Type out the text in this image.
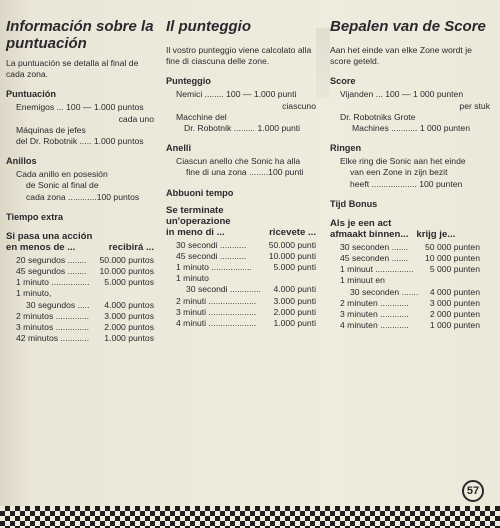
Información sobre la
puntuación

La puntuación se detalla al final de cada zona.

Puntuación

Enemigos ... 100 — 1.000 puntos

cada uno

Máquinas de jefes

del Dr. Robotnik ..... 1.000 puntos

Anillos

Cada anillo en posesión

de Sonic al final de

cada zona ............100 puntos

Tiempo extra
Si pasa una acción
en menos de ...	recibirá ...
20 segundos ........ 50.000 puntos
45 segundos ........ 10.000 puntos
1 minuto ................ 5.000 puntos
1 minuto,
30 segundos ..... 4.000 puntos
2 minutos .............. 3.000 puntos
3 minutos .............. 2.000 puntos
42 minutos ............ 1.000 puntos
Il punteggio

Il vostro punteggio viene calcolato alla fine di ciascuna delle zone.

Punteggio

Nemici ........ 100 — 1.000 punti

ciascuno

Macchine del

Dr. Robotnik ......... 1.000 punti

Anelli

Ciascun anello che Sonic ha alla

fine di una zona ........100 punti

Abbuoni tempo
Se terminate
un'operazione
in meno di ...	ricevete ...
30 secondi ...........	50.000 punti
45 secondi ...........	10.000 punti
1 minuto .................	5.000 punti
1 minuto
30 secondi ............. 4.000 punti
2 minuti .................... 3.000 punti
3 minuti .................... 2.000 punti
4 minuti .................... 1.000 punti
Bepalen van de Score

Aan het einde van elke Zone wordt je score geteld.

Score

Vijanden ... 100 — 1 000 punten

per stuk

Dr. Robotniks Grote

Machines ........... 1 000 punten

Ringen

Elke ring die Sonic aan het einde

van een Zone in zijn bezit

heeft ................... 100 punten

Tijd Bonus
Als je een act
afmaakt binnen... krijg je...
30 seconden ....... 50 000 punten
45 seconden ....... 10 000 punten
1 minuut ................ 5 000 punten
1 minuut en
30 seconden ....... 4 000 punten
2 minuten ............ 3 000 punten
3 minuten ............ 2 000 punten
4 minuten ............ 1 000 punten
57
